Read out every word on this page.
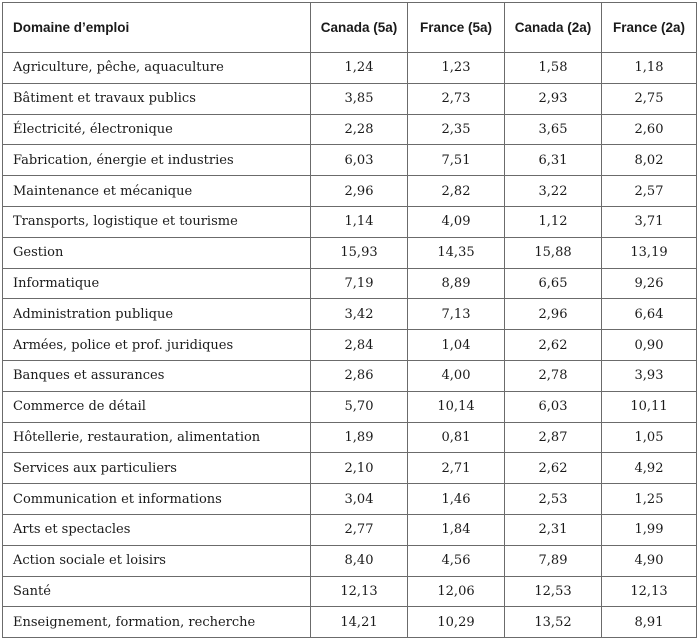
Domaine d’emploi	Canada (5a)	France (5a)	Canada (2a)	France (2a)
Agriculture, pêche, aquaculture	1,24	1,23	1,58	1,18
Bâtiment et travaux publics	3,85	2,73	2,93	2,75
Électricité, électronique	2,28	2,35	3,65	2,60
Fabrication, énergie et industries	6,03	7,51	6,31	8,02
Maintenance et mécanique	2,96	2,82	3,22	2,57
Transports, logistique et tourisme	1,14	4,09	1,12	3,71
Gestion	15,93	14,35	15,88	13,19
Informatique	7,19	8,89	6,65	9,26
Administration publique	3,42	7,13	2,96	6,64
Armées, police et prof. juridiques	2,84	1,04	2,62	0,90
Banques et assurances	2,86	4,00	2,78	3,93
Commerce de détail	5,70	10,14	6,03	10,11
Hôtellerie, restauration, alimentation	1,89	0,81	2,87	1,05
Services aux particuliers	2,10	2,71	2,62	4,92
Communication et informations	3,04	1,46	2,53	1,25
Arts et spectacles	2,77	1,84	2,31	1,99
Action sociale et loisirs	8,40	4,56	7,89	4,90
Santé	12,13	12,06	12,53	12,13
Enseignement, formation, recherche	14,21	10,29	13,52	8,91
